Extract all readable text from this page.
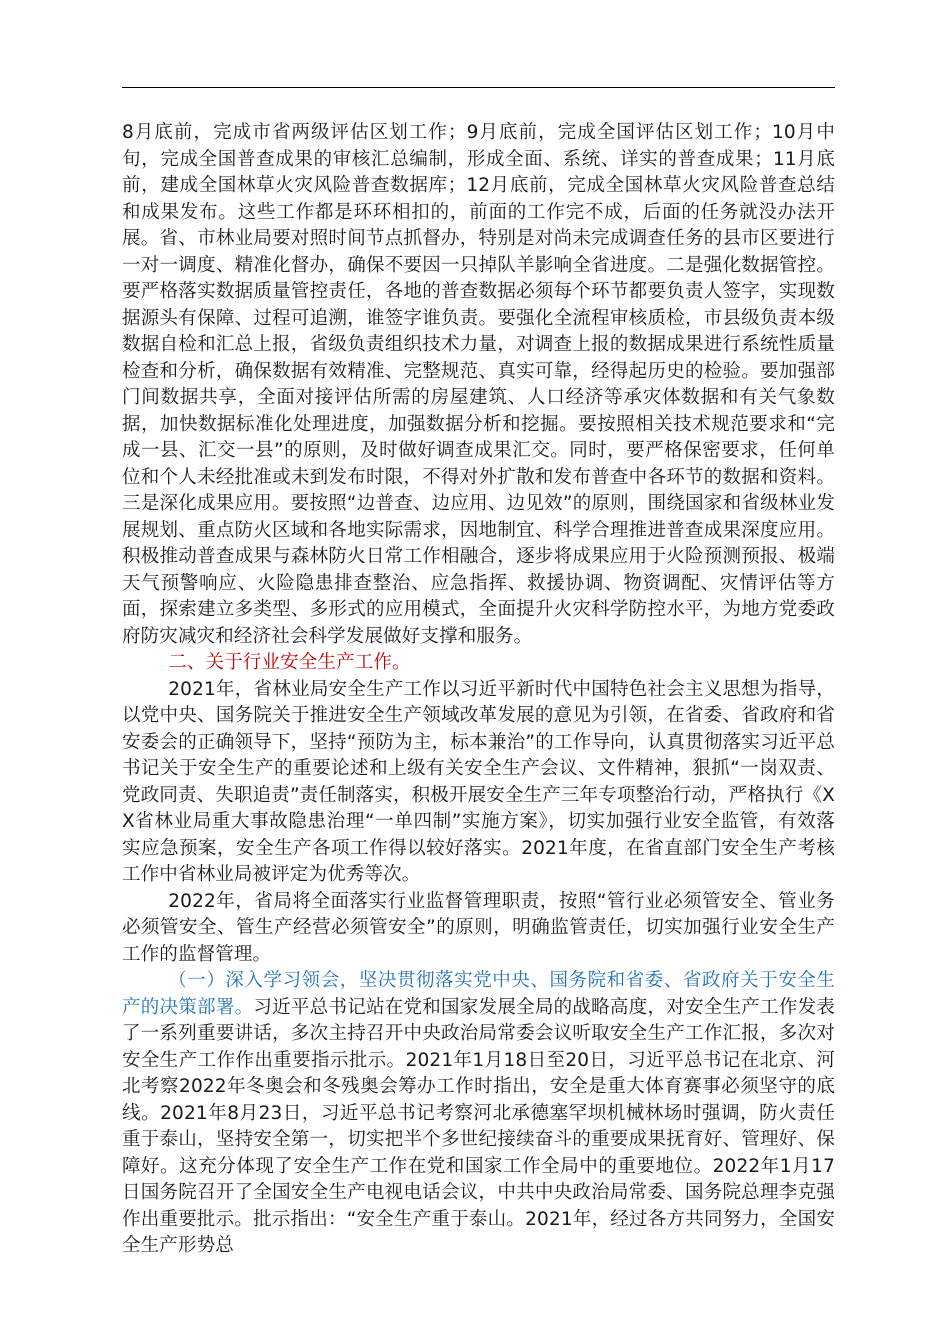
8月底前，完成市省两级评估区划工作；9月底前，完成全国评估区划工作；10月中旬，完成全国普查成果的审核汇总编制，形成全面、系统、详实的普查成果；11月底前，建成全国林草火灾风险普查数据库；12月底前，完成全国林草火灾风险普查总结和成果发布。这些工作都是环环相扣的，前面的工作完不成，后面的任务就没办法开展。省、市林业局要对照时间节点抓督办，特别是对尚未完成调查任务的县市区要进行一对一调度、精准化督办，确保不要因一只掉队羊影响全省进度。二是强化数据管控。要严格落实数据质量管控责任，各地的普查数据必须每个环节都要负责人签字，实现数据源头有保障、过程可追溯，谁签字谁负责。要强化全流程审核质检，市县级负责本级数据自检和汇总上报，省级负责组织技术力量，对调查上报的数据成果进行系统性质量检查和分析，确保数据有效精准、完整规范、真实可靠，经得起历史的检验。要加强部门间数据共享，全面对接评估所需的房屋建筑、人口经济等承灾体数据和有关气象数据，加快数据标准化处理进度，加强数据分析和挖掘。要按照相关技术规范要求和“完成一县、汇交一县”的原则，及时做好调查成果汇交。同时，要严格保密要求，任何单位和个人未经批准或未到发布时限，不得对外扩散和发布普查中各环节的数据和资料。三是深化成果应用。要按照“边普查、边应用、边见效”的原则，围绕国家和省级林业发展规划、重点防火区域和各地实际需求，因地制宜、科学合理推进普查成果深度应用。积极推动普查成果与森林防火日常工作相融合，逐步将成果应用于火险预测预报、极端天气预警响应、火险隐患排查整治、应急指挥、救援协调、物资调配、灾情评估等方面，探索建立多类型、多形式的应用模式，全面提升火灾科学防控水平，为地方党委政府防灾减灾和经济社会科学发展做好支撑和服务。

二、关于行业安全生产工作。

2021年，省林业局安全生产工作以习近平新时代中国特色社会主义思想为指导，以党中央、国务院关于推进安全生产领域改革发展的意见为引领，在省委、省政府和省安委会的正确领导下，坚持“预防为主，标本兼治”的工作导向，认真贯彻落实习近平总书记关于安全生产的重要论述和上级有关安全生产会议、文件精神，狠抓“一岗双责、党政同责、失职追责”责任制落实，积极开展安全生产三年专项整治行动，严格执行《XX省林业局重大事故隐患治理“一单四制”实施方案》，切实加强行业安全监管，有效落实应急预案，安全生产各项工作得以较好落实。2021年度，在省直部门安全生产考核工作中省林业局被评定为优秀等次。

2022年，省局将全面落实行业监督管理职责，按照“管行业必须管安全、管业务必须管安全、管生产经营必须管安全”的原则，明确监管责任，切实加强行业安全生产工作的监督管理。

（一）深入学习领会，坚决贯彻落实党中央、国务院和省委、省政府关于安全生产的决策部署。习近平总书记站在党和国家发展全局的战略高度，对安全生产工作发表了一系列重要讲话，多次主持召开中央政治局常委会议听取安全生产工作汇报，多次对安全生产工作作出重要指示批示。2021年1月18日至20日，习近平总书记在北京、河北考察2022年冬奥会和冬残奥会筹办工作时指出，安全是重大体育赛事必须坚守的底线。2021年8月23日，习近平总书记考察河北承德塞罕坝机械林场时强调，防火责任重于泰山，坚持安全第一，切实把半个多世纪接续奋斗的重要成果抚育好、管理好、保障好。这充分体现了安全生产工作在党和国家工作全局中的重要地位。2022年1月17日国务院召开了全国安全生产电视电话会议，中共中央政治局常委、国务院总理李克强作出重要批示。批示指出：“安全生产重于泰山。2021年，经过各方共同努力，全国安全生产形势总
